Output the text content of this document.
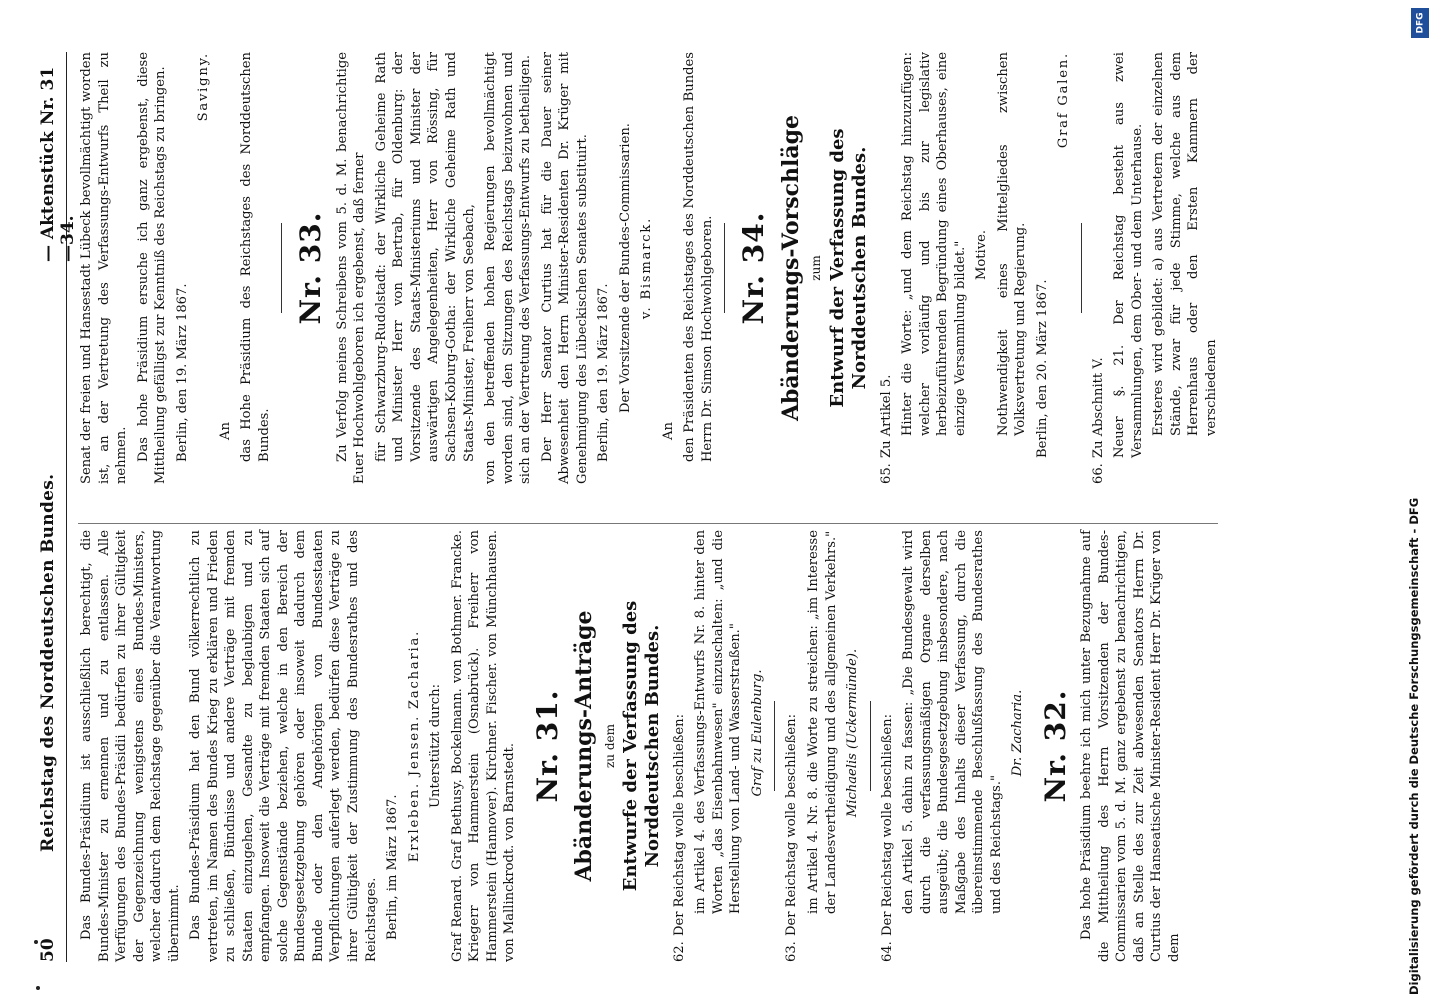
50
Reichstag des Norddeutschen Bundes.
— Aktenstück Nr. 31—34.

Das Bundes-Präsidium ist ausschließlich berechtigt, die Bundes-Minister zu ernennen und zu entlassen. Alle Verfügungen des Bundes-Präsidii bedürfen zu ihrer Gültigkeit der Gegenzeichnung wenigstens eines Bundes-Ministers, welcher dadurch dem Reichstage gegenüber die Verantwortung übernimmt. Das Bundes-Präsidium hat den Bund völkerrechtlich zu vertreten, im Namen des Bundes Krieg zu erklären und Frieden zu schließen, Bündnisse und andere Verträge mit fremden Staaten einzugehen, Gesandte zu beglaubigen und zu empfangen. Insoweit die Verträge mit fremden Staaten sich auf solche Gegenstände beziehen, welche in den Bereich der Bundesgesetzgebung gehören oder insoweit dadurch dem Bunde oder den Angehörigen von Bundesstaaten Verpflichtungen auferlegt werden, bedürfen diese Verträge zu ihrer Gültigkeit der Zustimmung des Bundesrathes und des Reichstages. Berlin, im März 1867.

Erxleben. Jensen. Zacharia. Unterstützt durch: Graf Renard. Graf Bethusy. Bockelmann. von Bothmer. Francke. Kriegerr von Hammerstein (Osnabrück). Freiherr von Hammerstein (Hannover). Kirchner. Fischer. von Münchhausen. von Mallinckrodt. von Barnstedt. Nr. 31. Abänderungs-Anträge zu dem Entwurfe der Verfassung des Norddeutschen Bundes.

62.

Der Reichstag wolle beschließen: im Artikel 4. des Verfassungs-Entwurfs Nr. 8. hinter den Worten „das Eisenbahnwesen" einzuschalten: „und die Herstellung von Land- und Wasserstraßen." Graf zu Eulenburg.

63.

Der Reichstag wolle beschließen: im Artikel 4. Nr. 8. die Worte zu streichen: „im Interesse der Landesvertheidigung und des allgemeinen Verkehrs." Michaelis (Uckermünde).

64.

Der Reichstag wolle beschließen: den Artikel 5. dahin zu fassen: „Die Bundesgewalt wird durch die verfassungsmäßigen Organe derselben ausgeübt; die Bundesgesetzgebung insbesondere, nach Maßgabe des Inhalts dieser Verfassung, durch die übereinstimmende Beschlußfassung des Bundesrathes und des Reichstags."

Dr. Zacharia. Nr. 32. Das hohe Präsidium beehre ich mich unter Bezugnahme auf die Mittheilung des Herrn Vorsitzenden der Bundes-Commissarien vom 5. d. M. ganz ergebenst zu benachrichtigen, daß an Stelle des zur Zeit abwesenden Senators Herrn Dr. Curtius der Hanseatische Minister-Resident Herr Dr. Krüger von dem

Senat der freien und Hansestadt Lübeck bevollmächtigt worden ist, an der Vertretung des Verfassungs-Entwurfs Theil zu nehmen. Das hohe Präsidium ersuche ich ganz ergebenst, diese Mittheilung gefälligst zur Kenntniß des Reichstags zu bringen. Berlin, den 19. März 1867.

Savigny.

An das Hohe Präsidium des Reichstages des Norddeutschen Bundes.

Nr. 33. Zu Verfolg meines Schreibens vom 5. d. M. benachrichtige Euer Hochwohlgeboren ich ergebenst, daß ferner für Schwarzburg-Rudolstadt: der Wirkliche Geheime Rath und Minister Herr von Bertrab, für Oldenburg: der Vorsitzende des Staats-Ministeriums und Minister der auswärtigen Angelegenheiten, Herr von Rössing, für Sachsen-Koburg-Gotha: der Wirkliche Geheime Rath und Staats-Minister, Freiherr von Seebach, von den betreffenden hohen Regierungen bevollmächtigt worden sind, den Sitzungen des Reichstags beizuwohnen und sich an der Vertretung des Verfassungs-Entwurfs zu betheiligen. Der Herr Senator Curtius hat für die Dauer seiner Abwesenheit den Herrn Minister-Residenten Dr. Krüger mit Genehmigung des Lübeckischen Senates substituirt. Berlin, den 19. März 1867. Der Vorsitzende der Bundes-Commissarien. v. Bismarck.

An den Präsidenten des Reichstages des Norddeutschen Bundes Herrn Dr. Simson Hochwohlgeboren. Nr. 34. Abänderungs-Vorschläge zum Entwurf der Verfassung des Norddeutschen Bundes.

65.

Zu Artikel 5. Hinter die Worte: „und dem Reichstag hinzuzufügen: welcher vorläufig und bis zur legislativ herbeizuführenden Begründung eines Oberhauses, eine einzige Versammlung bildet." Motive. Nothwendigkeit eines Mittelgliedes zwischen Volksvertretung und Regierung. Berlin, den 20. März 1867.

Graf Galen.

66.

Zu Abschnitt V. Neuer §. 21. Der Reichstag besteht aus zwei Versammlungen, dem Ober- und dem Unterhause. Ersteres wird gebildet: a) aus Vertretern der einzelnen Stände, zwar für jede Stimme, welche aus dem Herrenhaus oder den Ersten Kammern der verschiedenen

DFG
Digitalisierung gefördert durch die Deutsche Forschungsgemeinschaft - DFG
